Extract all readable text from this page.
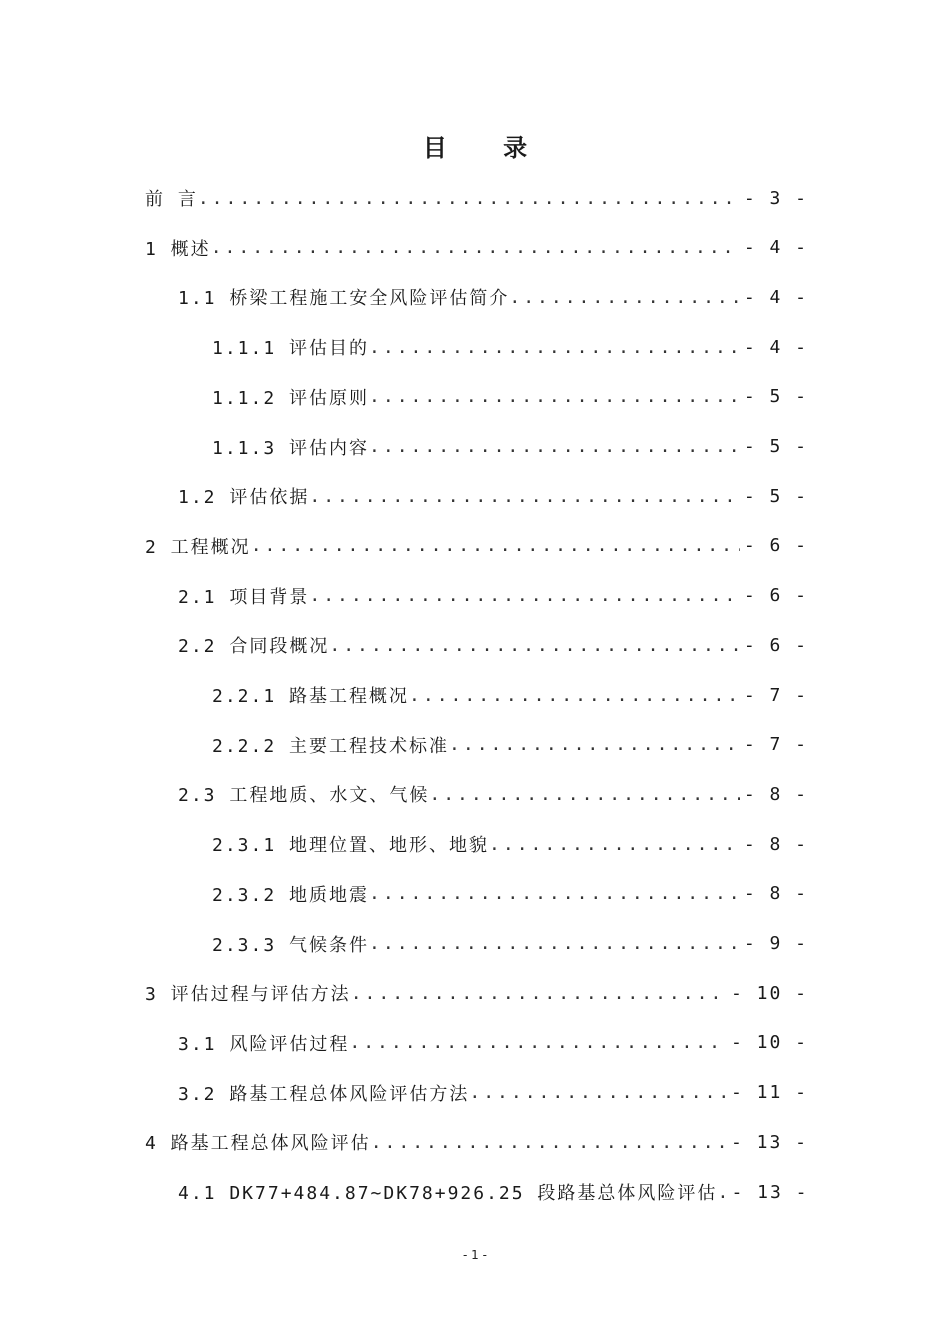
目 录
前 言 .....	- 3 -
1 概述 .....	- 4 -
1.1 桥梁工程施工安全风险评估简介 .....	- 4 -
1.1.1 评估目的 .....	- 4 -
1.1.2 评估原则 .....	- 5 -
1.1.3 评估内容 .....	- 5 -
1.2 评估依据 .....	- 5 -
2 工程概况 .....	- 6 -
2.1 项目背景 .....	- 6 -
2.2 合同段概况 .....	- 6 -
2.2.1 路基工程概况 .....	- 7 -
2.2.2 主要工程技术标准 .....	- 7 -
2.3 工程地质、水文、气候 .....	- 8 -
2.3.1 地理位置、地形、地貌 .....	- 8 -
2.3.2 地质地震 .....	- 8 -
2.3.3 气候条件 .....	- 9 -
3 评估过程与评估方法 .....	- 10 -
3.1 风险评估过程 .....	- 10 -
3.2 路基工程总体风险评估方法 .....	- 11 -
4 路基工程总体风险评估 .....	- 13 -
4.1 DK77+484.87~DK78+926.25 段路基总体风险评估 ..... - 13 -
- 1 -
